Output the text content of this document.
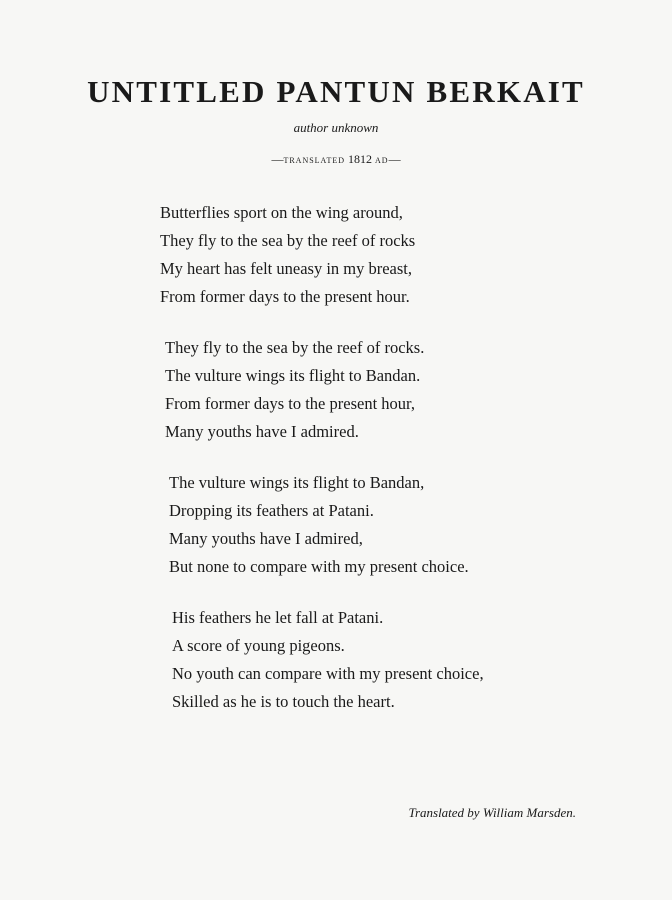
UNTITLED PANTUN BERKAIT
author unknown
—translated 1812 ad—
Butterflies sport on the wing around,
They fly to the sea by the reef of rocks
My heart has felt uneasy in my breast,
From former days to the present hour.
They fly to the sea by the reef of rocks.
The vulture wings its flight to Bandan.
From former days to the present hour,
Many youths have I admired.
The vulture wings its flight to Bandan,
Dropping its feathers at Patani.
Many youths have I admired,
But none to compare with my present choice.
His feathers he let fall at Patani.
A score of young pigeons.
No youth can compare with my present choice,
Skilled as he is to touch the heart.
Translated by William Marsden.
